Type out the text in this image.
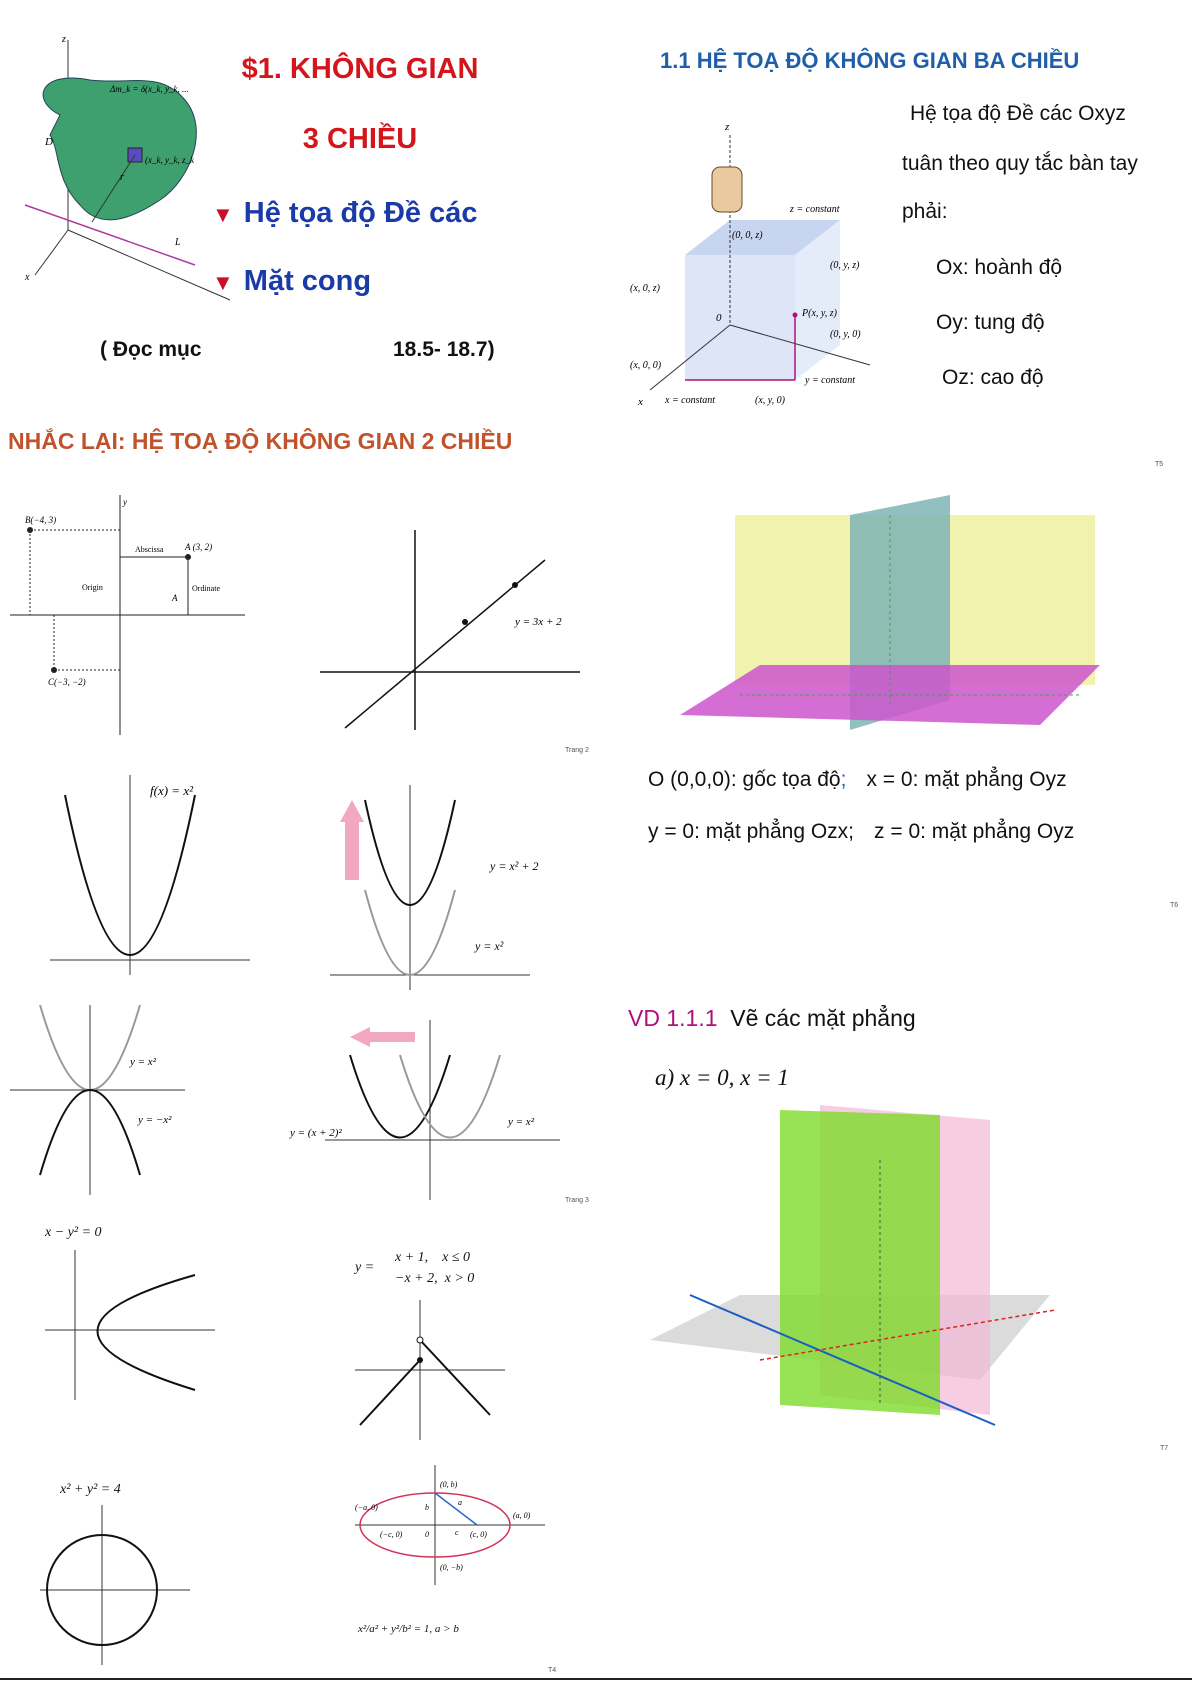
Δm_k = δ(x_k, y_k, ...
(x_k, y_k, z_k
D
r
L
z
x
$1. KHÔNG GIAN
3 CHIỀU
▼ Hệ tọa độ Đề các
▼ Mặt cong
( Đọc mục	18.5- 18.7)
1.1 HỆ TOẠ ĐỘ KHÔNG GIAN BA CHIỀU
z
z = constant
(0, 0, z)
(0, y, z)
(x, 0, z)
0	P(x, y, z)
(0, y, 0)
(x, 0, 0)
y = constant
x x = constant	(x, y, 0)
Hệ tọa độ Đề các Oxyz
tuân theo quy tắc bàn tay
phải:
Ox: hoành độ
Oy: tung độ
Oz: cao độ
T5
NHẮC LẠI: HỆ TOẠ ĐỘ KHÔNG GIAN 2 CHIỀU
B(−4, 3)
A (3, 2)
C(−3, −2)
Abscissa
Ordinate
Origin
A
y
y = 3x + 2
Trang 2
O (0,0,0): gốc tọa độ; x = 0: mặt phẳng Oyz
y = 0: mặt phẳng Ozx; z = 0: mặt phẳng Oyz
T6
f(x) = x²
y = x² + 2
y = x²
y = x²
y = −x²
y = (x + 2)²
y = x²
Trang 3
VD 1.1.1 Vẽ các mặt phẳng
a) x = 0, x = 1
T7
x − y² = 0
y =
x + 1,    x ≤ 0
−x + 2,  x > 0
x² + y² = 4
(−a, 0)
(0, b)
(a, 0)
(−c, 0)	(c, 0)
(0, −b)
a
b
c
0
x²/a² + y²/b² = 1, a > b
T4
